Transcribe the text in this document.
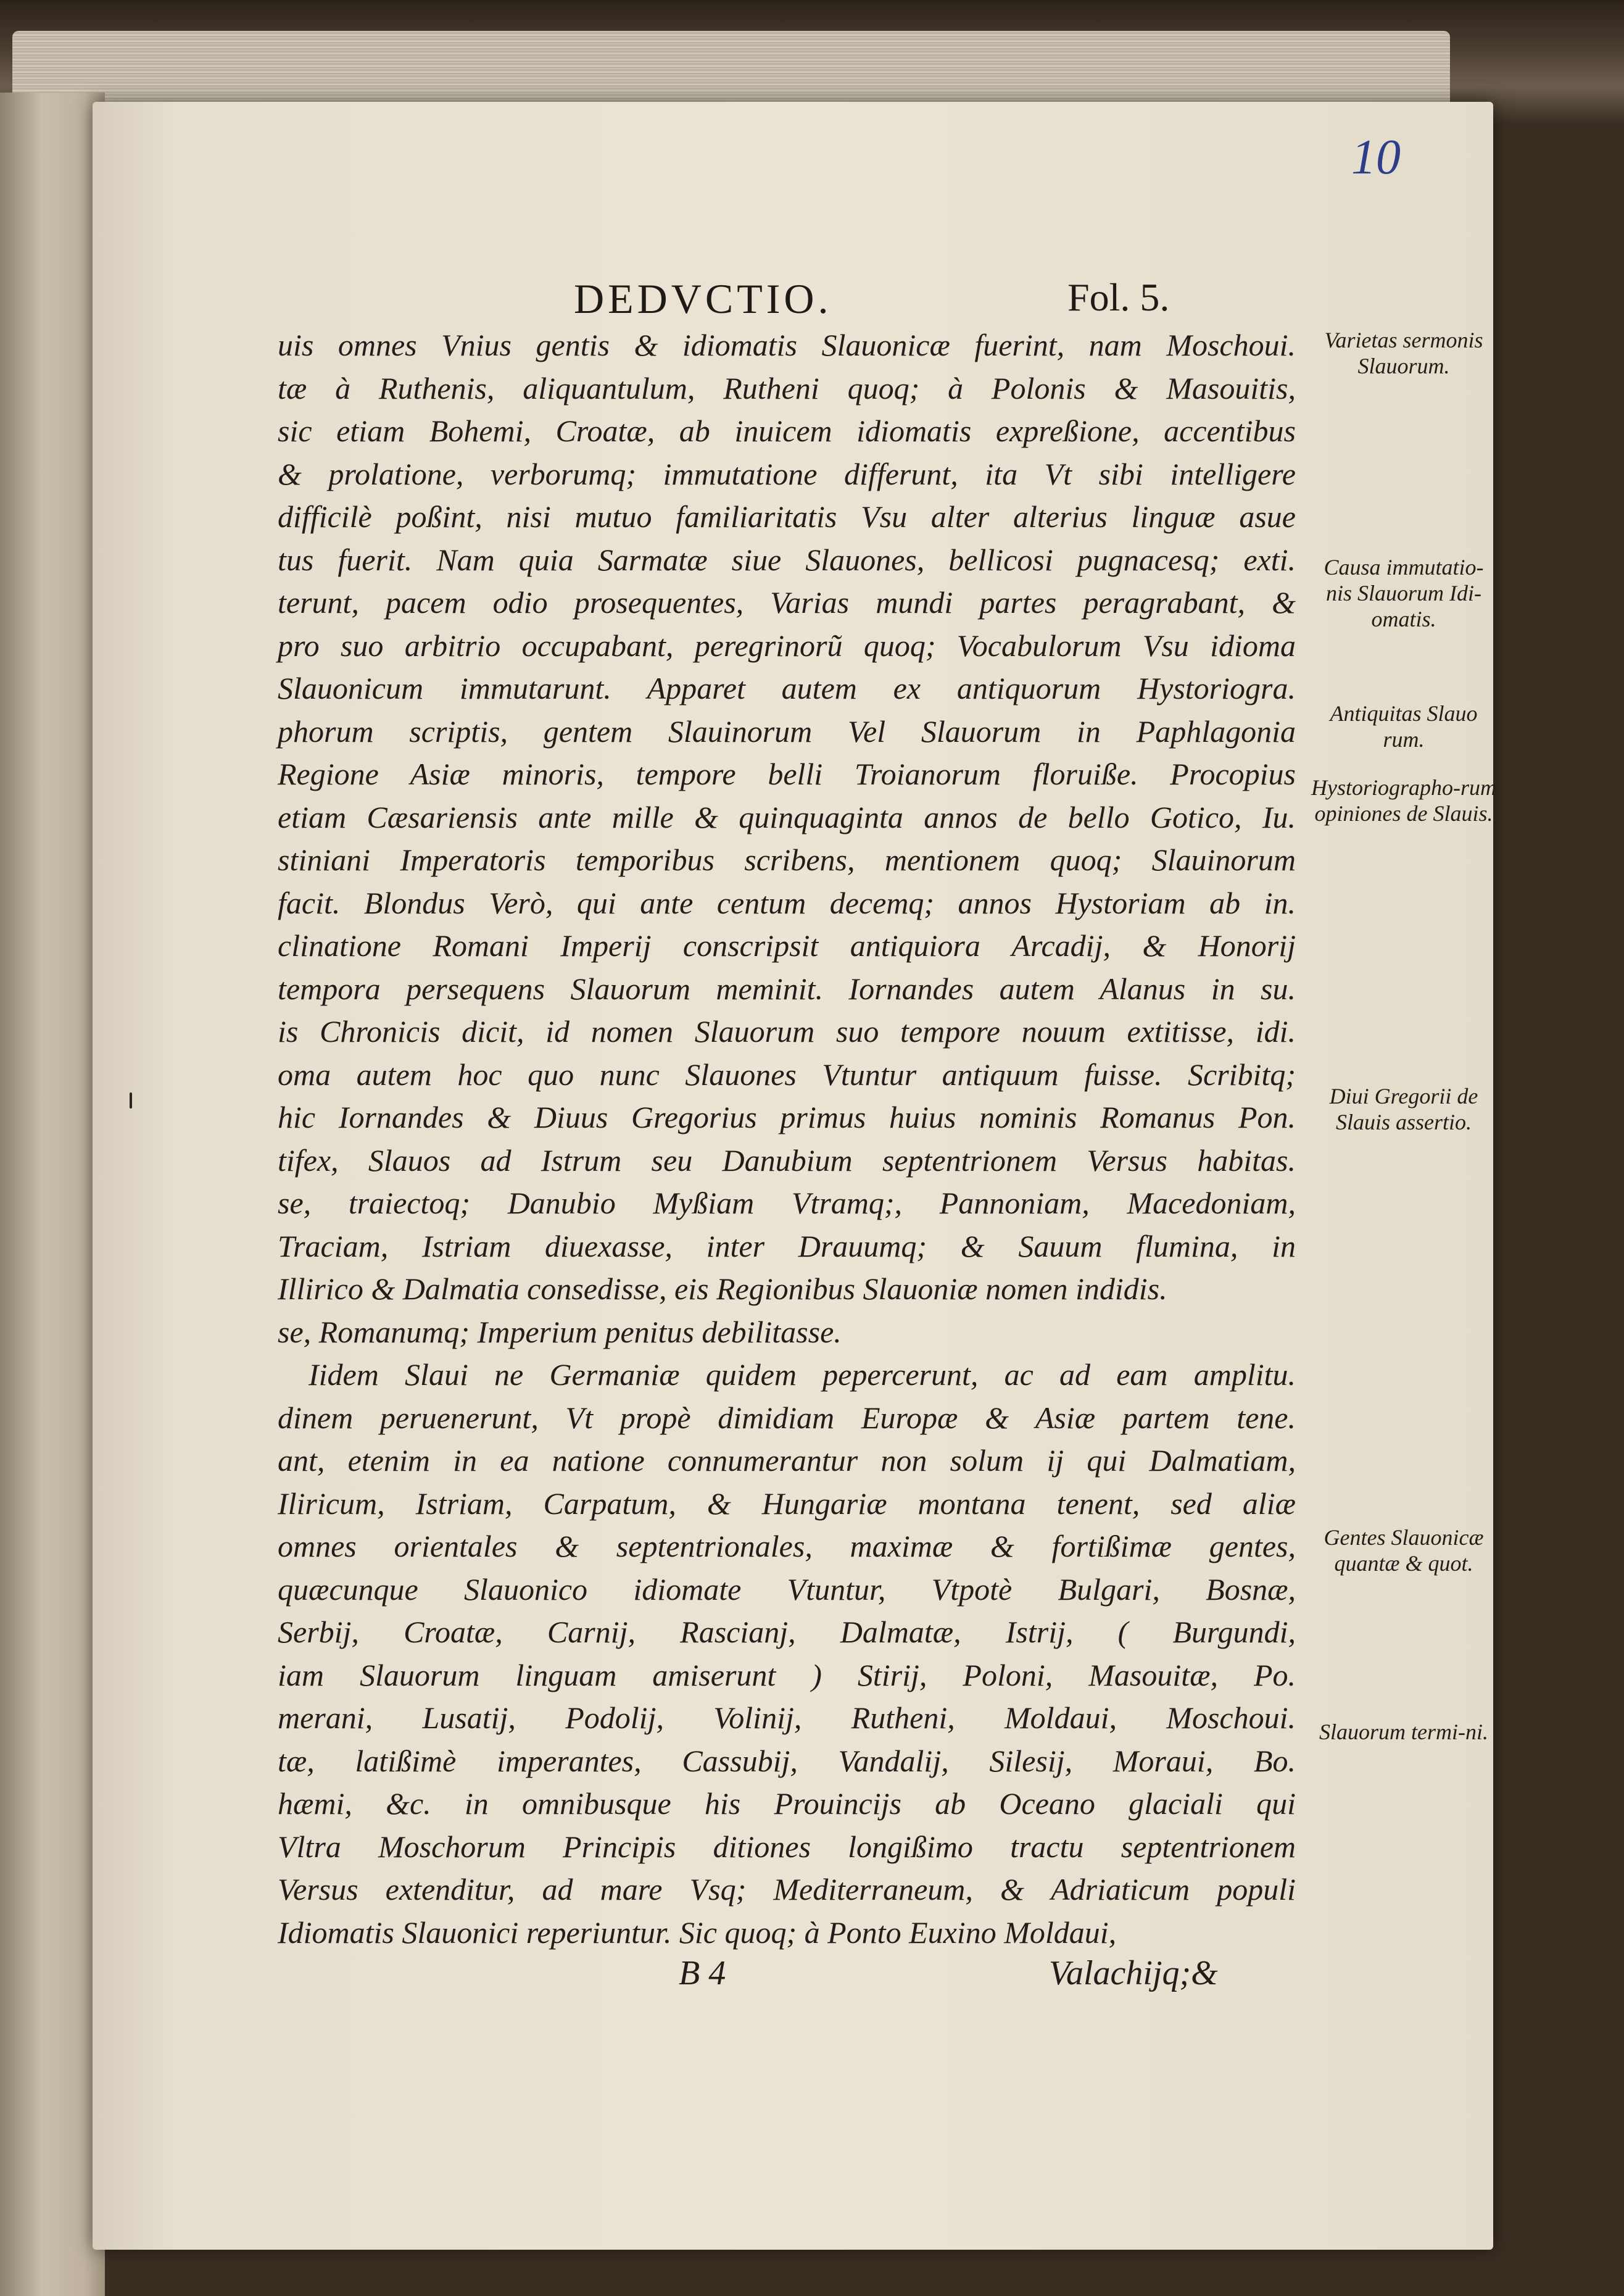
10
DEDVCTIO.	Fol. 5.
uis omnes Vnius gentis & idiomatis Slauonicæ fuerint, nam Moschoui.
tæ à Ruthenis, aliquantulum, Rutheni quoq; à Polonis & Masouitis,
sic etiam Bohemi, Croatæ, ab inuicem idiomatis expreßione, accentibus
& prolatione, verborumq; immutatione differunt, ita Vt sibi intelligere
difficilè poßint, nisi mutuo familiaritatis Vsu alter alterius linguæ asue
tus fuerit. Nam quia Sarmatæ siue Slauones, bellicosi pugnacesq; exti.
terunt, pacem odio prosequentes, Varias mundi partes peragrabant, &
pro suo arbitrio occupabant, peregrinorũ quoq; Vocabulorum Vsu idioma
Slauonicum immutarunt. Apparet autem ex antiquorum Hystoriogra.
phorum scriptis, gentem Slauinorum Vel Slauorum in Paphlagonia
Regione Asiæ minoris, tempore belli Troianorum floruiße. Procopius
etiam Cæsariensis ante mille & quinquaginta annos de bello Gotico, Iu.
stiniani Imperatoris temporibus scribens, mentionem quoq; Slauinorum
facit. Blondus Verò, qui ante centum decemq; annos Hystoriam ab in.
clinatione Romani Imperij conscripsit antiquiora Arcadij, & Honorij
tempora persequens Slauorum meminit. Iornandes autem Alanus in su.
is Chronicis dicit, id nomen Slauorum suo tempore nouum extitisse, idi.
oma autem hoc quo nunc Slauones Vtuntur antiquum fuisse. Scribitq;
hic Iornandes & Diuus Gregorius primus huius nominis Romanus Pon.
tifex, Slauos ad Istrum seu Danubium septentrionem Versus habitas.
se, traiectoq; Danubio Myßiam Vtramq;, Pannoniam, Macedoniam,
Traciam, Istriam diuexasse, inter Drauumq; & Sauum flumina, in
Illirico & Dalmatia consedisse, eis Regionibus Slauoniæ nomen indidis.
se, Romanumq; Imperium penitus debilitasse.
Iidem Slaui ne Germaniæ quidem pepercerunt, ac ad eam amplitu.
dinem peruenerunt, Vt propè dimidiam Europæ & Asiæ partem tene.
ant, etenim in ea natione connumerantur non solum ij qui Dalmatiam,
Iliricum, Istriam, Carpatum, & Hungariæ montana tenent, sed aliæ
omnes orientales & septentrionales, maximæ & fortißimæ gentes,
quæcunque Slauonico idiomate Vtuntur, Vtpotè Bulgari, Bosnæ,
Serbij, Croatæ, Carnij, Rascianj, Dalmatæ, Istrij, ( Burgundi,
iam Slauorum linguam amiserunt ) Stirij, Poloni, Masouitæ, Po.
merani, Lusatij, Podolij, Volinij, Rutheni, Moldaui, Moschoui.
tæ, latißimè imperantes, Cassubij, Vandalij, Silesij, Moraui, Bo.
hæmi, &c. in omnibusque his Prouincijs ab Oceano glaciali qui
Vltra Moschorum Principis ditiones longißimo tractu septentrionem
Versus extenditur, ad mare Vsq; Mediterraneum, & Adriaticum populi
Idiomatis Slauonici reperiuntur. Sic quoq; à Ponto Euxino Moldaui,
Varietas sermonis Slauorum.
Causa immutatio-nis Slauorum Idi-omatis.
Antiquitas Slauo rum.
Hystoriographo-rum opiniones de Slauis.
Diui Gregorii de Slauis assertio.
Gentes Slauonicæ quantæ & quot.
Slauorum termi-ni.
B 4	Valachijq;&
